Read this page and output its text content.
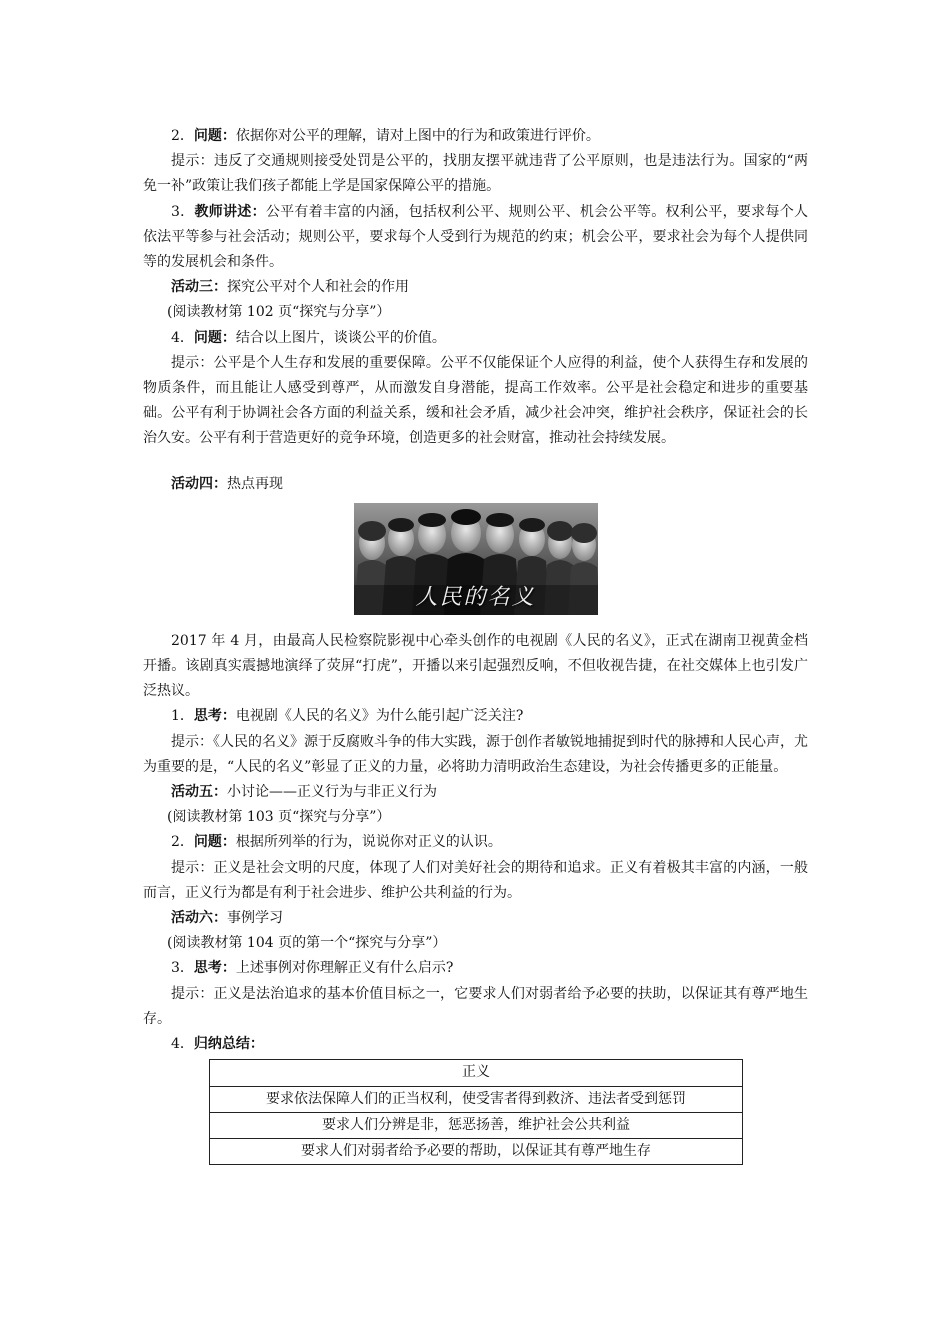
2．问题：依据你对公平的理解，请对上图中的行为和政策进行评价。

提示：违反了交通规则接受处罚是公平的，找朋友摆平就违背了公平原则，也是违法行为。国家的“两免一补”政策让我们孩子都能上学是国家保障公平的措施。

3．教师讲述：公平有着丰富的内涵，包括权利公平、规则公平、机会公平等。权利公平，要求每个人依法平等参与社会活动；规则公平，要求每个人受到行为规范的约束；机会公平，要求社会为每个人提供同等的发展机会和条件。

活动三：探究公平对个人和社会的作用

(阅读教材第 102 页“探究与分享”）

4．问题：结合以上图片，谈谈公平的价值。

提示：公平是个人生存和发展的重要保障。公平不仅能保证个人应得的利益，使个人获得生存和发展的物质条件，而且能让人感受到尊严，从而激发自身潜能，提高工作效率。公平是社会稳定和进步的重要基础。公平有利于协调社会各方面的利益关系，缓和社会矛盾，减少社会冲突，维护社会秩序，保证社会的长治久安。公平有利于营造更好的竞争环境，创造更多的社会财富，推动社会持续发展。

活动四：热点再现

人民的名义

2017 年 4 月，由最高人民检察院影视中心牵头创作的电视剧《人民的名义》，正式在湖南卫视黄金档开播。该剧真实震撼地演绎了荧屏“打虎”，开播以来引起强烈反响，不但收视告捷，在社交媒体上也引发广泛热议。

1．思考：电视剧《人民的名义》为什么能引起广泛关注?

提示：《人民的名义》源于反腐败斗争的伟大实践，源于创作者敏锐地捕捉到时代的脉搏和人民心声，尤为重要的是，“人民的名义”彰显了正义的力量，必将助力清明政治生态建设，为社会传播更多的正能量。

活动五：小讨论——正义行为与非正义行为

(阅读教材第 103 页“探究与分享”）

2．问题：根据所列举的行为，说说你对正义的认识。

提示：正义是社会文明的尺度，体现了人们对美好社会的期待和追求。正义有着极其丰富的内涵，一般而言，正义行为都是有利于社会进步、维护公共利益的行为。

活动六：事例学习

(阅读教材第 104 页的第一个“探究与分享”）

3．思考：上述事例对你理解正义有什么启示?

提示：正义是法治追求的基本价值目标之一，它要求人们对弱者给予必要的扶助，以保证其有尊严地生存。

4．归纳总结：

正义
要求依法保障人们的正当权利，使受害者得到救济、违法者受到惩罚
要求人们分辨是非，惩恶扬善，维护社会公共利益
要求人们对弱者给予必要的帮助，以保证其有尊严地生存
